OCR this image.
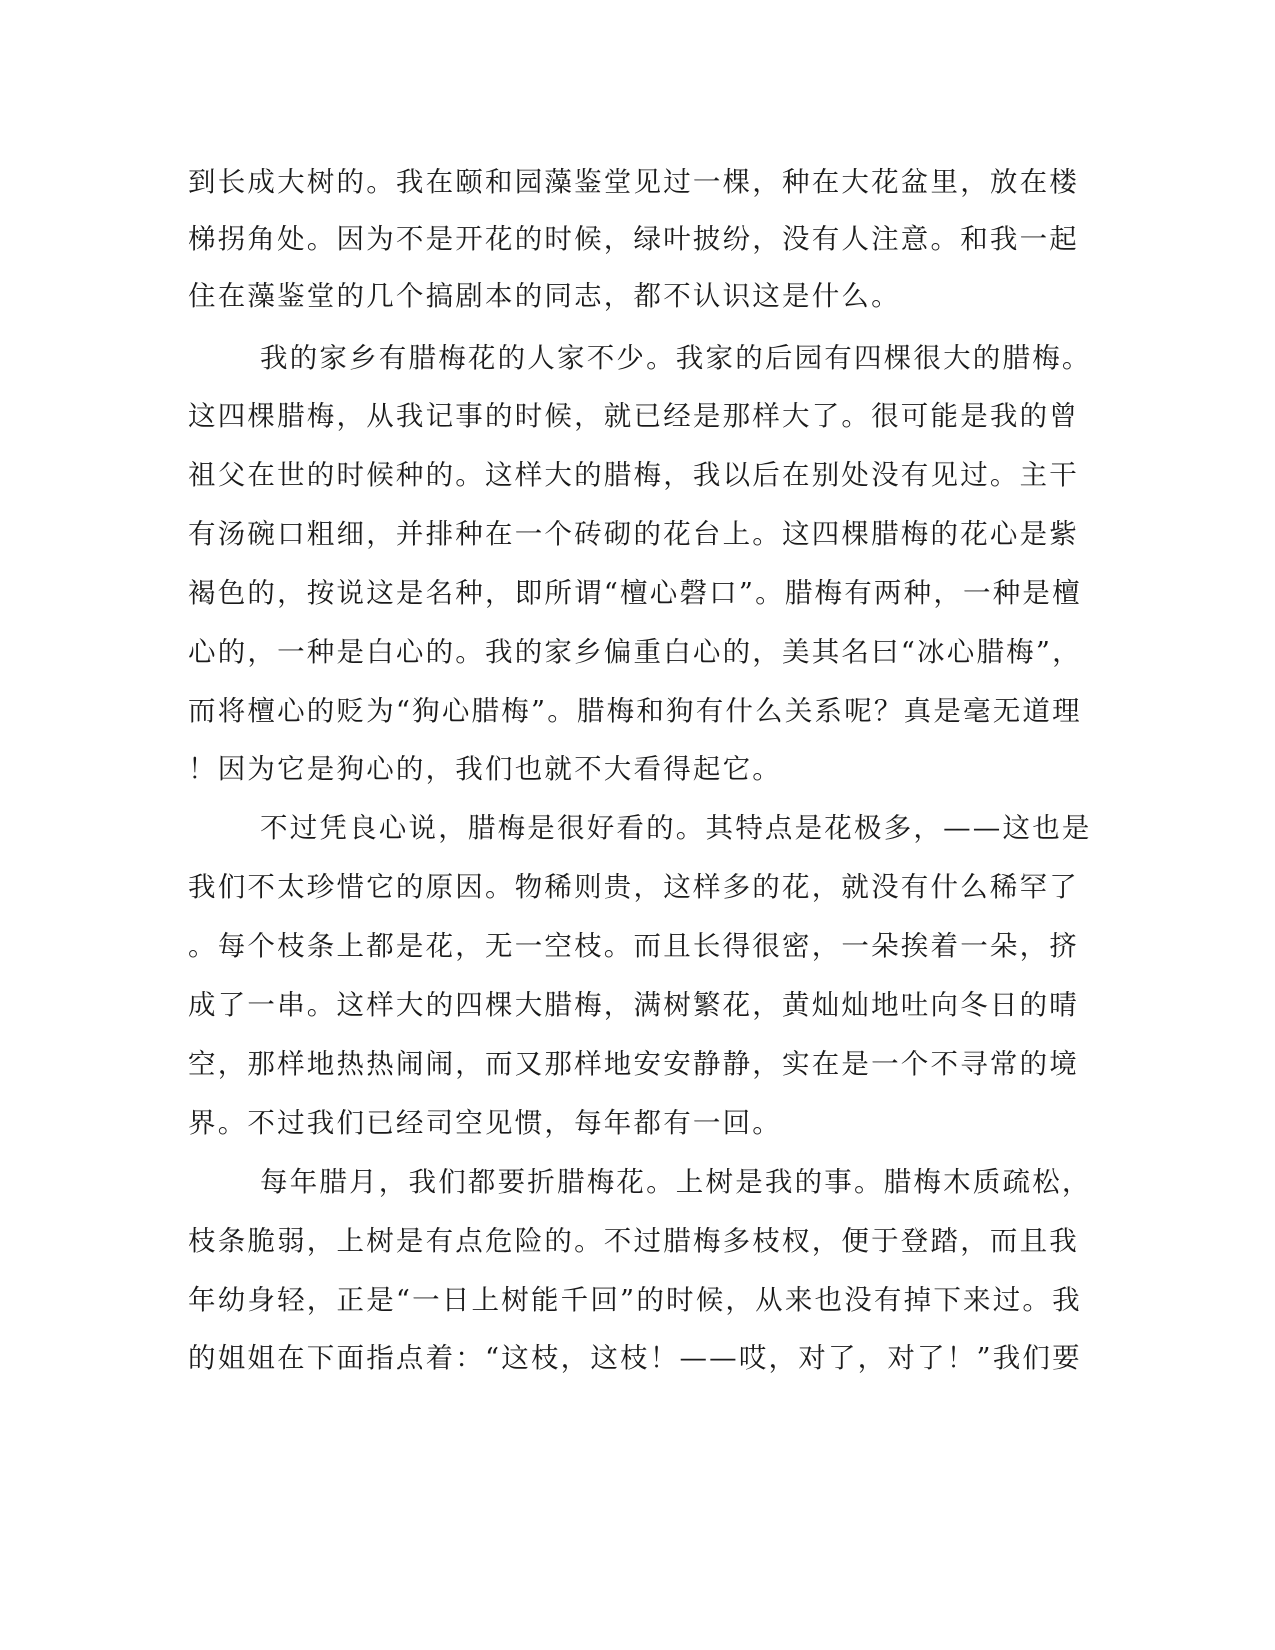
到长成大树的。我在颐和园藻鉴堂见过一棵，种在大花盆里，放在楼
梯拐角处。因为不是开花的时候，绿叶披纷，没有人注意。和我一起
住在藻鉴堂的几个搞剧本的同志，都不认识这是什么。
我的家乡有腊梅花的人家不少。我家的后园有四棵很大的腊梅。
这四棵腊梅，从我记事的时候，就已经是那样大了。很可能是我的曾
祖父在世的时候种的。这样大的腊梅，我以后在别处没有见过。主干
有汤碗口粗细，并排种在一个砖砌的花台上。这四棵腊梅的花心是紫
褐色的，按说这是名种，即所谓“檀心磬口”。腊梅有两种，一种是檀
心的，一种是白心的。我的家乡偏重白心的，美其名曰“冰心腊梅”，
而将檀心的贬为“狗心腊梅”。腊梅和狗有什么关系呢？真是毫无道理
！因为它是狗心的，我们也就不大看得起它。
不过凭良心说，腊梅是很好看的。其特点是花极多，——这也是
我们不太珍惜它的原因。物稀则贵，这样多的花，就没有什么稀罕了
。每个枝条上都是花，无一空枝。而且长得很密，一朵挨着一朵，挤
成了一串。这样大的四棵大腊梅，满树繁花，黄灿灿地吐向冬日的晴
空，那样地热热闹闹，而又那样地安安静静，实在是一个不寻常的境
界。不过我们已经司空见惯，每年都有一回。
每年腊月，我们都要折腊梅花。上树是我的事。腊梅木质疏松，
枝条脆弱，上树是有点危险的。不过腊梅多枝杈，便于登踏，而且我
年幼身轻，正是“一日上树能千回”的时候，从来也没有掉下来过。我
的姐姐在下面指点着：“这枝，这枝！——哎，对了，对了！”我们要
